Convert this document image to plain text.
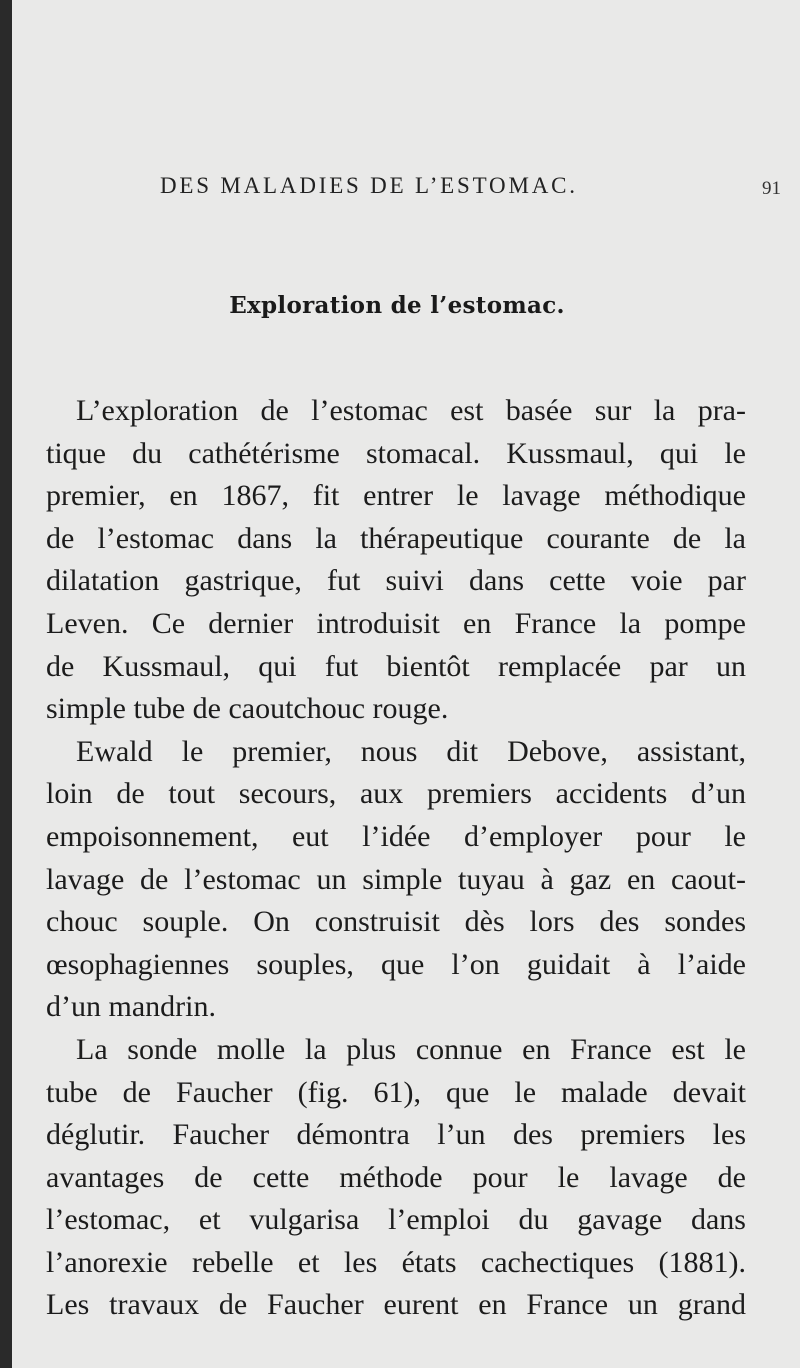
DES MALADIES DE L’ESTOMAC.	91
Exploration de l’estomac.
L’exploration de l’estomac est basée sur la pra-
tique du cathétérisme stomacal. Kussmaul, qui le
premier, en 1867, fit entrer le lavage méthodique
de l’estomac dans la thérapeutique courante de la
dilatation gastrique, fut suivi dans cette voie par
Leven. Ce dernier introduisit en France la pompe
de Kussmaul, qui fut bientôt remplacée par un
simple tube de caoutchouc rouge.
Ewald le premier, nous dit Debove, assistant,
loin de tout secours, aux premiers accidents d’un
empoisonnement, eut l’idée d’employer pour le
lavage de l’estomac un simple tuyau à gaz en caout-
chouc souple. On construisit dès lors des sondes
œsophagiennes souples, que l’on guidait à l’aide
d’un mandrin.
La sonde molle la plus connue en France est le
tube de Faucher (fig. 61), que le malade devait
déglutir. Faucher démontra l’un des premiers les
avantages de cette méthode pour le lavage de
l’estomac, et vulgarisa l’emploi du gavage dans
l’anorexie rebelle et les états cachectiques (1881).
Les travaux de Faucher eurent en France un grand
